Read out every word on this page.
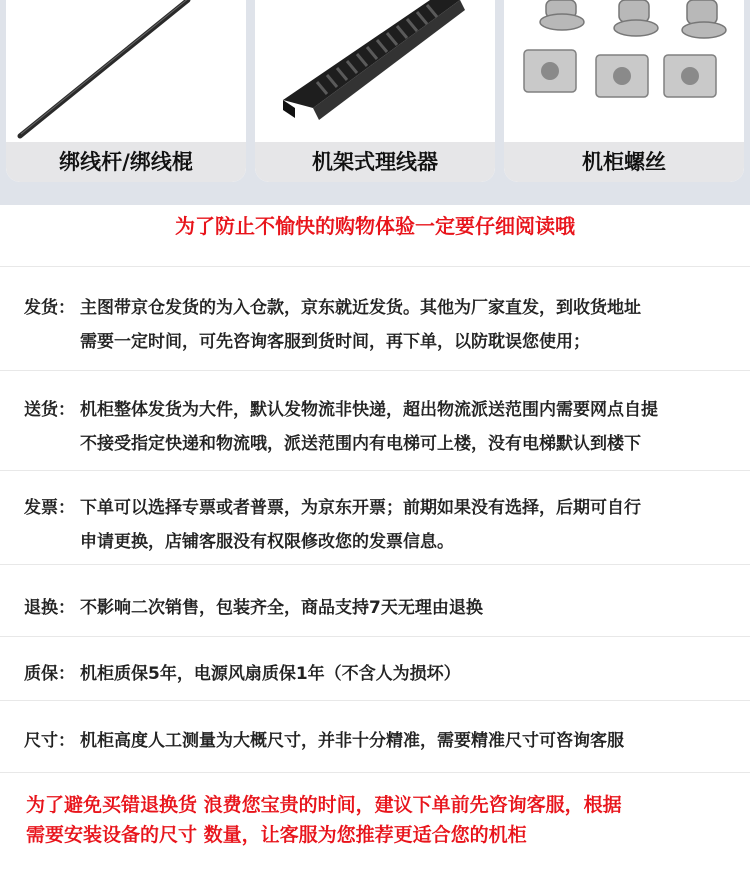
绑线杆/绑线棍	机架式理线器	机柜螺丝
为了防止不愉快的购物体验一定要仔细阅读哦
发货： 主图带京仓发货的为入仓款，京东就近发货。其他为厂家直发，到收货地址
需要一定时间，可先咨询客服到货时间，再下单，以防耽误您使用；
送货： 机柜整体发货为大件，默认发物流非快递，超出物流派送范围内需要网点自提
不接受指定快递和物流哦，派送范围内有电梯可上楼，没有电梯默认到楼下
发票： 下单可以选择专票或者普票，为京东开票；前期如果没有选择，后期可自行
申请更换，店铺客服没有权限修改您的发票信息。
退换： 不影响二次销售，包装齐全，商品支持7天无理由退换
质保： 机柜质保5年，电源风扇质保1年（不含人为损坏）
尺寸： 机柜高度人工测量为大概尺寸，并非十分精准，需要精准尺寸可咨询客服
为了避免买错退换货 浪费您宝贵的时间，建议下单前先咨询客服，根据
需要安装设备的尺寸 数量，让客服为您推荐更适合您的机柜
